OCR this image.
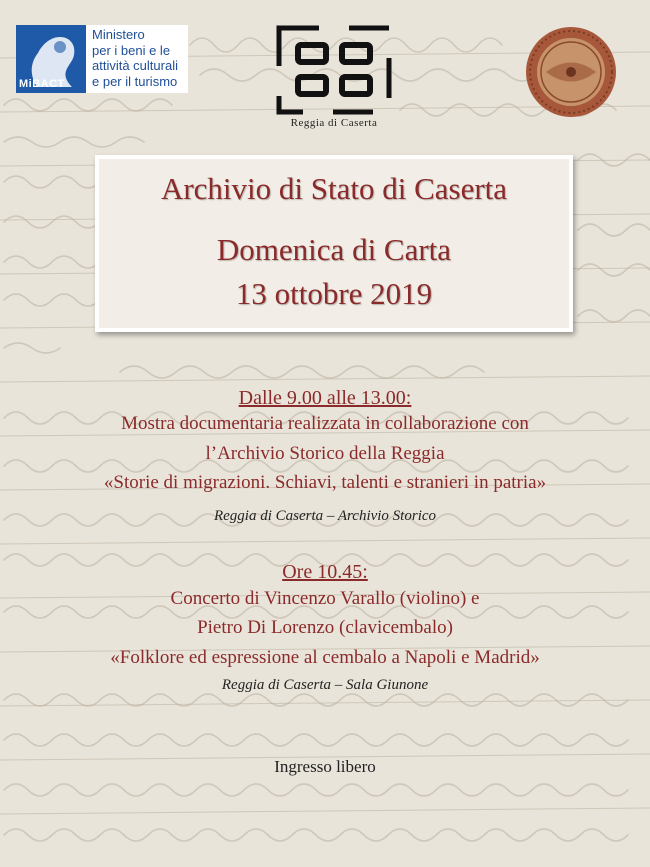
MiBACT
Ministero
per i beni e le
attività culturali
e per il turismo
Reggia di Caserta
Archivio di Stato di Caserta
Domenica di Carta
13 ottobre 2019
Dalle 9.00 alle 13.00:
Mostra documentaria realizzata in collaborazione con
l’Archivio Storico della Reggia
«Storie di migrazioni. Schiavi, talenti e stranieri in patria»
Reggia di Caserta – Archivio Storico
Ore 10.45:
Concerto di Vincenzo Varallo (violino) e
Pietro Di Lorenzo (clavicembalo)
«Folklore ed espressione al cembalo a Napoli e Madrid»
Reggia di Caserta – Sala Giunone
Ingresso libero
